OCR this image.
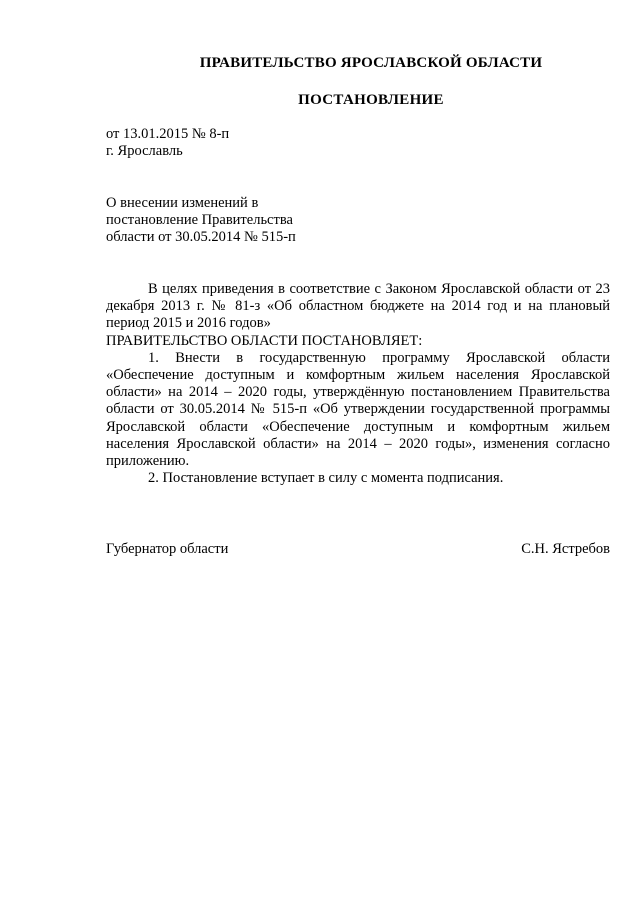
ПРАВИТЕЛЬСТВО ЯРОСЛАВСКОЙ ОБЛАСТИ
ПОСТАНОВЛЕНИЕ
от 13.01.2015 № 8-п
г. Ярославль
О внесении изменений в
постановление Правительства
области от 30.05.2014 № 515-п

В целях приведения в соответствие с Законом Ярославской области от 23 декабря 2013 г. № 81-з «Об областном бюджете на 2014 год и на плановый период 2015 и 2016 годов»

ПРАВИТЕЛЬСТВО ОБЛАСТИ ПОСТАНОВЛЯЕТ:

1. Внести в государственную программу Ярославской области «Обеспечение доступным и комфортным жильем населения Ярославской области» на 2014 – 2020 годы, утверждённую постановлением Правительства области от 30.05.2014 № 515-п «Об утверждении государственной программы Ярославской области «Обеспечение доступным и комфортным жильем населения Ярославской области» на 2014 – 2020 годы», изменения согласно приложению.

2. Постановление вступает в силу с момента подписания.

Губернатор области	С.Н. Ястребов
